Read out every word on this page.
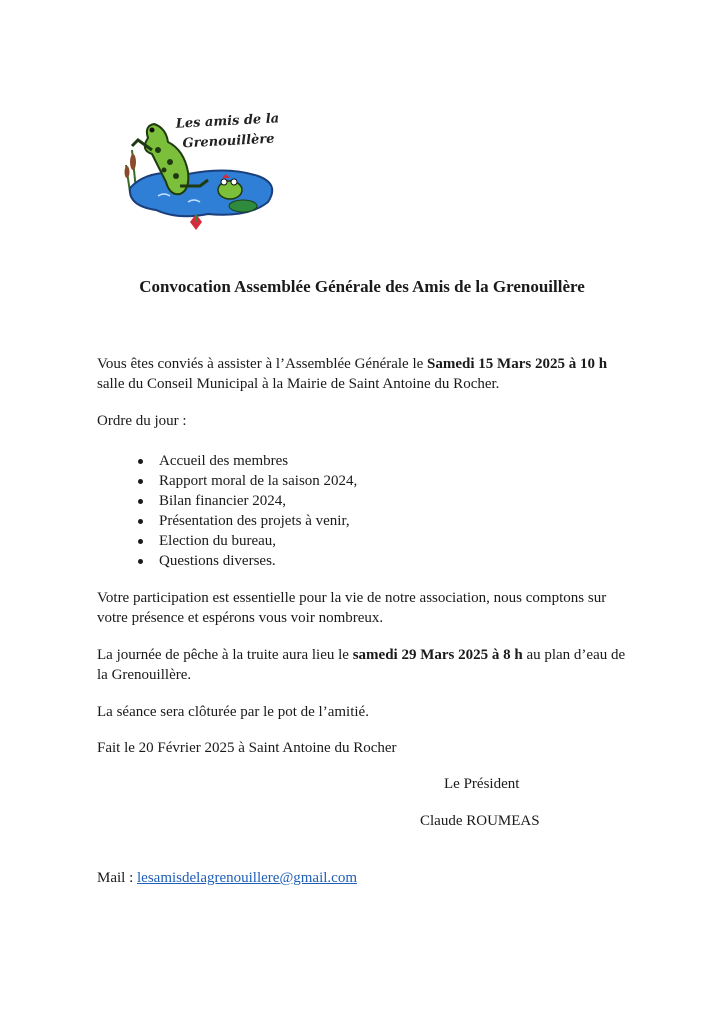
Les amis de la
Grenouillère
Convocation Assemblée Générale des Amis de la Grenouillère

Vous êtes conviés à assister à l’Assemblée Générale le Samedi 15 Mars 2025 à 10 h salle du Conseil Municipal à la Mairie de Saint Antoine du Rocher.

Ordre du jour :

Accueil des membres
Rapport moral de la saison 2024,
Bilan financier 2024,
Présentation des projets à venir,
Election du bureau,
Questions diverses.

Votre participation est essentielle pour la vie de notre association, nous comptons sur votre présence et espérons vous voir nombreux.

La journée de pêche à la truite aura lieu le samedi 29 Mars 2025 à 8 h au plan d’eau de la Grenouillère.

La séance sera clôturée par le pot de l’amitié.

Fait le 20 Février 2025 à Saint Antoine du Rocher

Le Président

Claude ROUMEAS

Mail : lesamisdelagrenouillere@gmail.com
